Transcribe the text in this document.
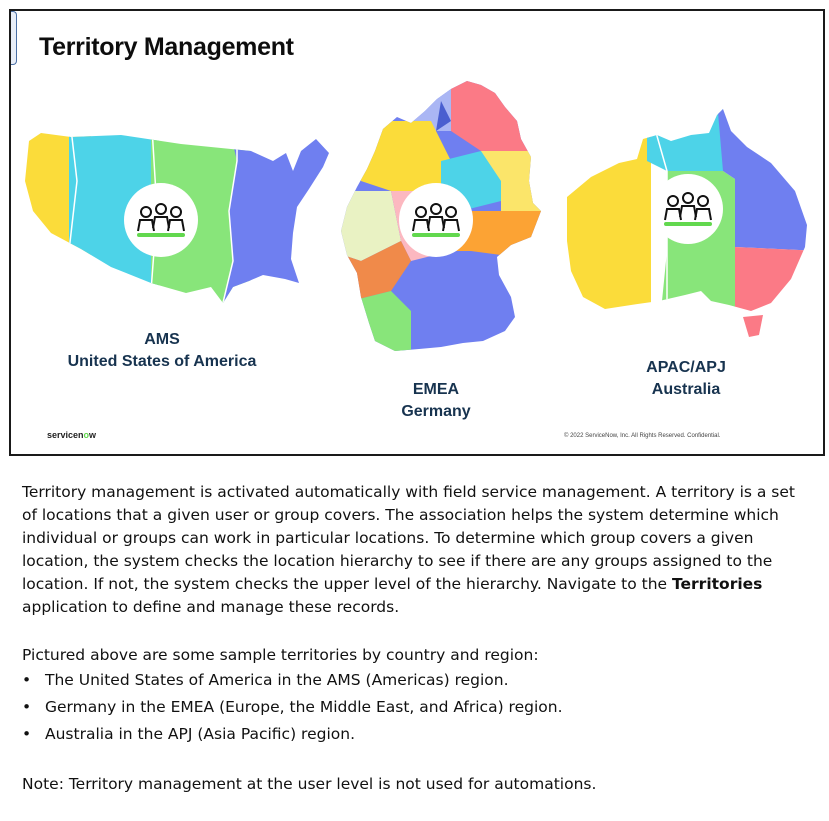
Territory Management
AMS
United States of America
EMEA
Germany
APAC/APJ
Australia
servicenow	© 2022 ServiceNow, Inc. All Rights Reserved. Confidential.

Territory management is activated automatically with field service management. A territory is a set of locations that a given user or group covers. The association helps the system determine which individual or groups can work in particular locations. To determine which group covers a given location, the system checks the location hierarchy to see if there are any groups assigned to the location. If not, the system checks the upper level of the hierarchy. Navigate to the Territories application to define and manage these records.

Pictured above are some sample territories by country and region:

• The United States of America in the AMS (Americas) region.
• Germany in the EMEA (Europe, the Middle East, and Africa) region.
• Australia in the APJ (Asia Pacific) region.

Note: Territory management at the user level is not used for automations.
